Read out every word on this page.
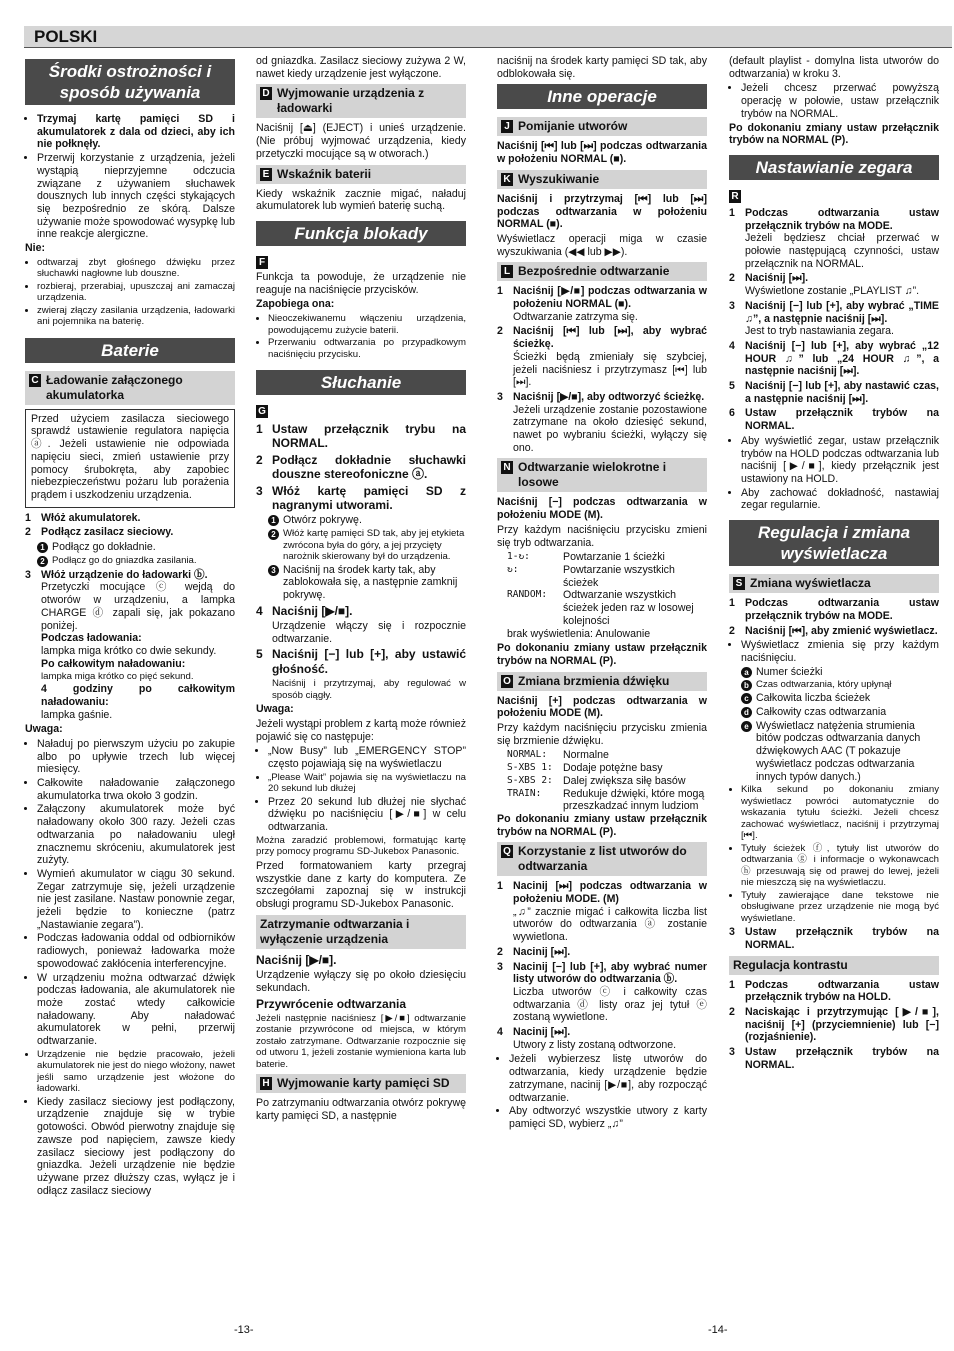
POLSKI
Środki ostrożności i sposób używania
• Trzymaj kartę pamięci SD i akumulatorek z dala od dzieci, aby ich nie połknęły.
• Przerwij korzystanie z urządzenia, jeżeli wystąpią nieprzyjemne odczucia związane z używaniem słuchawek dousznych lub innych części stykających się bezpośrednio ze skórą. Dalsze używanie może spowodować wysypkę lub inne reakcje alergiczne.

Nie:

• odtwarzaj zbyt głośnego dźwięku przez słuchawki nagłowne lub douszne.
• rozbieraj, przerabiaj, upuszczaj ani zamaczaj urządzenia.
• zwieraj złączy zasilania urządzenia, ładowarki ani pojemnika na baterię.
Baterie
C Ładowanie załączonego akumulatorka

Przed użyciem zasilacza sieciowego sprawdź ustawienie regulatora napięcia ⓐ. Jeżeli ustawienie nie odpowiada napięciu sieci, zmień ustawienie przy pomocy śrubokręta, aby zapobiec niebezpieczeństwu pożaru lub porażenia prądem i uszkodzeniu urządzenia.

1 Włóż akumulatorek.
2 Podłącz zasilacz sieciowy.
1 Podłącz go dokładnie.
2 Podłącz go do gniazdka zasilania.
3 Włóż urządzenie do ładowarki ⓑ.
Przetyczki mocujące ⓒ wejdą do otworów w urządzeniu, a lampka CHARGE ⓓ zapali się, jak pokazano poniżej.
Podczas ładowania:
lampka miga krótko co dwie sekundy.
Po całkowitym naładowaniu:
lampka miga krótko co pięć sekund.
4 godziny po całkowitym naładowaniu:
lampka gaśnie.

Uwaga:

• Naładuj po pierwszym użyciu po zakupie albo po upływie trzech lub więcej miesięcy.
• Całkowite naładowanie załączonego akumulatorka trwa około 3 godzin.
• Załączony akumulatorek może być naładowany około 300 razy. Jeżeli czas odtwarzania po naładowaniu uległ znacznemu skróceniu, akumulatorek jest zużyty.
• Wymień akumulator w ciągu 30 sekund. Zegar zatrzymuje się, jeżeli urządzenie nie jest zasilane. Nastaw ponownie zegar, jeżeli będzie to konieczne (patrz „Nastawianie zegara”).
• Podczas ładowania oddal od odbiorników radiowych, ponieważ ładowarka może spowodować zakłócenia interferencyjne.
• W urządzeniu można odtwarzać dźwięk podczas ładowania, ale akumulatorek nie może zostać wtedy całkowicie naładowany. Aby naładować akumulatorek w pełni, przerwij odtwarzanie.
• Urządzenie nie będzie pracowało, jeżeli akumulatorek nie jest do niego włożony, nawet jeśli samo urządzenie jest włożone do ładowarki.
• Kiedy zasilacz sieciowy jest podłączony, urządzenie znajduje się w trybie gotowości. Obwód pierwotny znajduje się zawsze pod napięciem, zawsze kiedy zasilacz sieciowy jest podłączony do gniazdka. Jeżeli urządzenie nie będzie używane przez dłuższy czas, wyłącz je i odłącz zasilacz sieciowy

od gniazdka. Zasilacz sieciowy zużywa 2 W, nawet kiedy urządzenie jest wyłączone.

D Wyjmowanie urządzenia z ładowarki

Naciśnij [⏏] (EJECT) i unieś urządzenie. (Nie próbuj wyjmować urządzenia, kiedy przetyczki mocujące są w otworach.)

E Wskaźnik baterii

Kiedy wskaźnik zacznie migać, naładuj akumulatorek lub wymień baterię suchą.

Funkcja blokady
F

Funkcja ta powoduje, że urządzenie nie reaguje na naciśnięcie przycisków.

Zapobiega ona:

• Nieoczekiwanemu włączeniu urządzenia, powodującemu zużycie baterii.
• Przerwaniu odtwarzania po przypadkowym naciśnięciu przycisku.
Słuchanie
G
1 Ustaw przełącznik trybu na NORMAL.
2 Podłącz dokładnie słuchawki dousznе stereofoniczne ⓐ.
3 Włóż kartę pamięci SD z nagranymi utworami.
1 Otwórz pokrywę.
2 Włóż kartę pamięci SD tak, aby jej etykieta zwrócona była do góry, a jej przycięty narożnik skierowany był do urządzenia.
3 Naciśnij na środek karty tak, aby zablokowała się, a następnie zamknij pokrywę.
4 Naciśnij [▶/■].

Urządzenie włączy się i rozpocznie odtwarzanie.

5 Naciśnij [−] lub [+], aby ustawić głośność.

Naciśnij i przytrzymaj, aby regulować w sposób ciągły.

Uwaga:

Jeżeli wystąpi problem z kartą może również pojawić się co następuje:

• „Now Busy” lub „EMERGENCY STOP” często pojawiają się na wyświetlaczu
• „Please Wait” pojawia się na wyświetlaczu na 20 sekund lub dłużej
• Przez 20 sekund lub dłużej nie słychać dźwięku po naciśnięciu [▶/■] w celu odtwarzania.

Można zaradzić problemowi, formatując kartę przy pomocy programu SD-Jukebox Panasonic.

Przed formatowaniem karty przegraj wszystkie dane z karty do komputera. Ze szczegółami zapoznaj się w instrukcji obsługi programu SD-Jukebox Panasonic.

Zatrzymanie odtwarzania i wyłączenie urządzenia

Naciśnij [▶/■].

Urządzenie wyłączy się po około dziesięciu sekundach.

Przywrócenie odtwarzania

Jeżeli następnie naciśniesz [▶/■] odtwarzanie zostanie przywrócone od miejsca, w którym zostało zatrzymane. Odtwarzanie rozpocznie się od utworu 1, jeżeli zostanie wymieniona karta lub baterie.

H Wyjmowanie karty pamięci SD

Po zatrzymaniu odtwarzania otwórz pokrywę karty pamięci SD, a następnie

naciśnij na środek karty pamięci SD tak, aby odblokowała się.

Inne operacje
J Pomijanie utworów

Naciśnij [⏮] lub [⏭] podczas odtwarzania w położeniu NORMAL (■).

K Wyszukiwanie

Naciśnij i przytrzymaj [⏮] lub [⏭] podczas odtwarzania w położeniu NORMAL (■).

Wyświetlacz operacji miga w czasie wyszukiwania (◀◀ lub ▶▶).

L Bezpośrednie odtwarzanie
1 Naciśnij [▶/■] podczas odtwarzania w położeniu NORMAL (■).
Odtwarzanie zatrzyma się.
2 Naciśnij [⏮] lub [⏭], aby wybrać ścieżkę.
Ścieżki będą zmieniały się szybciej, jeżeli naciśniesz i przytrzymasz [⏮] lub [⏭].
3 Naciśnij [▶/■], aby odtworzyć ścieżkę.
Jeżeli urządzenie zostanie pozostawione zatrzymane na około dziesięć sekund, nawet po wybraniu ścieżki, wyłączy się ono.
N Odtwarzanie wielokrotne i losowe

Naciśnij [−] podczas odtwarzania w położeniu MODE (M).

Przy każdym naciśnięciu przycisku zmieni się tryb odtwarzania.

1-↻:	Powtarzanie 1 ścieżki
↻:	Powtarzanie wszystkich ścieżek
RANDOM:	Odtwarzanie wszystkich ścieżek jeden raz w losowej kolejności

brak wyświetlenia: Anulowanie

Po dokonaniu zmiany ustaw przełącznik trybów na NORMAL (P).

O Zmiana brzmienia dźwięku

Naciśnij [+] podczas odtwarzania w położeniu MODE (M).

Przy każdym naciśnięciu przycisku zmienia się brzmienie dźwięku.

NORMAL:	Normalne
S-XBS 1: Dodaje potężne basy
S-XBS 2: Dalej zwiększa siłę basów
TRAIN:	Redukuje dźwięki, które mogą przeszkadzać innym ludziom

Po dokonaniu zmiany ustaw przełącznik trybów na NORMAL (P).

Q Korzystanie z list utworów do odtwarzania
1 Nacinij [⏭] podczas odtwarzania w położeniu MODE. (M)
„♫” zacznie migać i całkowita liczba list utworów do odtwarzania ⓐ zostanie wywietlona.
2 Nacinij [⏭].
3 Nacinij [−] lub [+], aby wybrać numer listy utworów do odtwarzania ⓑ.
Liczba utworów ⓒ i całkowity czas odtwarzania ⓓ listy oraz jej tytuł ⓔ zostaną wywietlone.
4 Nacinij [⏭].
Utwory z listy zostaną odtworzone.
• Jeżeli wybierzesz listę utworów do odtwarzania, kiedy urządzenie będzie zatrzymane, nacinij [▶/■], aby rozpocząć odtwarzanie.
• Aby odtworzyć wszystkie utwory z karty pamięci SD, wybierz „♫”

(default playlist - domylna lista utworów do odtwarzania) w kroku 3.

• Jeżeli chcesz przerwać powyższą operację w połowie, ustaw przełącznik trybów na NORMAL.

Po dokonaniu zmiany ustaw przełącznik trybów na NORMAL (P).

Nastawianie zegara
R
1 Podczas odtwarzania ustaw przełącznik trybów na MODE.
Jeżeli będziesz chciał przerwać w połowie następującą czynności, ustaw przełącznik na NORMAL.
2 Naciśnij [⏭].
Wyświetlone zostanie „PLAYLIST ♫”.
3 Naciśnij [−] lub [+], aby wybrać „TIME ♫”, a następnie naciśnij [⏭].
Jest to tryb nastawiania zegara.
4 Naciśnij [−] lub [+], aby wybrać „12 HOUR ♫” lub „24 HOUR ♫”, a następnie naciśnij [⏭].
5 Naciśnij [−] lub [+], aby nastawić czas, a następnie naciśnij [⏭].
6 Ustaw przełącznik trybów na NORMAL.
• Aby wyświetlić zegar, ustaw przełącznik trybów na HOLD podczas odtwarzania lub naciśnij [▶/■], kiedy przełącznik jest ustawiony na HOLD.
• Aby zachować dokładność, nastawiaj zegar regularnie.
Regulacja i zmiana wyświetlacza
S Zmiana wyświetlacza
1 Podczas odtwarzania ustaw przełącznik trybów na MODE.
2 Naciśnij [⏮], aby zmienić wyświetlacz.
• Wyświetlacz zmienia się przy każdym naciśnięciu.
a Numer ścieżki
b Czas odtwarzania, który upłynął
c Całkowita liczba ścieżek
d Całkowity czas odtwarzania
e Wyświetlacz natężenia strumienia bitów podczas odtwarzania danych dźwiękowych AAC (T pokazuje wyświetlacz podczas odtwarzania innych typów danych.)
• Kilka sekund po dokonaniu zmiany wyświetlacz powróci automatycznie do wskazania tytułu ścieżki. Jeżeli chcesz zachować wyświetlacz, naciśnij i przytrzymaj [⏮].
• Tytuły ścieżek ⓕ, tytuły list utworów do odtwarzania ⓖ i informacje o wykonawcach ⓗ przesuwają się od prawej do lewej, jeżeli nie mieszczą się na wyświetlaczu.
• Tytuły zawierające dane tekstowe nie obsługiwane przez urządzenie nie mogą być wyświetlane.
3 Ustaw przełącznik trybów na NORMAL.
Regulacja kontrastu
1 Podczas odtwarzania ustaw przełącznik trybów na HOLD.
2 Naciskając i przytrzymując [▶/■], naciśnij [+] (przyciemnienie) lub [−] (rozjaśnienie).
3 Ustaw przełącznik trybów na NORMAL.
-13-	-14-
